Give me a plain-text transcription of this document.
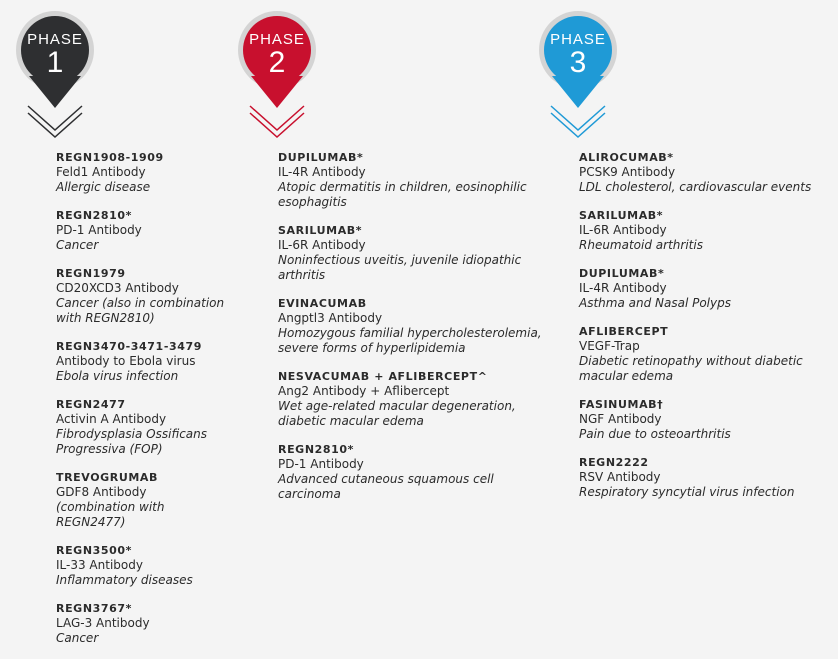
PHASE
1
PHASE
2
PHASE
3
REGN1908-1909
Feld1 Antibody
Allergic disease
REGN2810*
PD-1 Antibody
Cancer
REGN1979
CD20XCD3 Antibody
Cancer (also in combination with REGN2810)
REGN3470-3471-3479
Antibody to Ebola virus
Ebola virus infection
REGN2477
Activin A Antibody
Fibrodysplasia Ossificans Progressiva (FOP)
TREVOGRUMAB
GDF8 Antibody
(combination with REGN2477)
REGN3500*
IL-33 Antibody
Inflammatory diseases
REGN3767*
LAG-3 Antibody
Cancer
DUPILUMAB*
IL-4R Antibody
Atopic dermatitis in children, eosinophilic esophagitis
SARILUMAB*
IL-6R Antibody
Noninfectious uveitis, juvenile idiopathic arthritis
EVINACUMAB
Angptl3 Antibody
Homozygous familial hypercholesterolemia, severe forms of hyperlipidemia
NESVACUMAB + AFLIBERCEPT^
Ang2 Antibody + Aflibercept
Wet age-related macular degeneration, diabetic macular edema
REGN2810*
PD-1 Antibody
Advanced cutaneous squamous cell carcinoma
ALIROCUMAB*
PCSK9 Antibody
LDL cholesterol, cardiovascular events
SARILUMAB*
IL-6R Antibody
Rheumatoid arthritis
DUPILUMAB*
IL-4R Antibody
Asthma and Nasal Polyps
AFLIBERCEPT
VEGF-Trap
Diabetic retinopathy without diabetic macular edema
FASINUMAB†
NGF Antibody
Pain due to osteoarthritis
REGN2222
RSV Antibody
Respiratory syncytial virus infection
